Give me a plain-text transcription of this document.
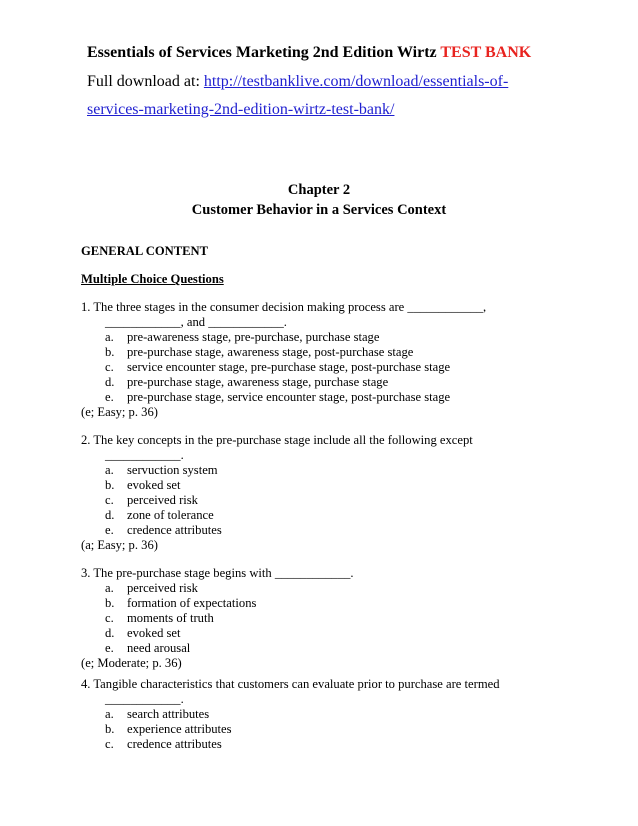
Essentials of Services Marketing 2nd Edition Wirtz TEST BANK
Full download at: http://testbanklive.com/download/essentials-of-
services-marketing-2nd-edition-wirtz-test-bank/
Chapter 2
Customer Behavior in a Services Context
GENERAL CONTENT
Multiple Choice Questions
1. The three stages in the consumer decision making process are ____________,
____________, and ____________.
a. pre-awareness stage, pre-purchase, purchase stage
b. pre-purchase stage, awareness stage, post-purchase stage
c. service encounter stage, pre-purchase stage, post-purchase stage
d. pre-purchase stage, awareness stage, purchase stage
e. pre-purchase stage, service encounter stage, post-purchase stage
(e; Easy; p. 36)
2. The key concepts in the pre-purchase stage include all the following except
____________.
a. servuction system
b. evoked set
c. perceived risk
d. zone of tolerance
e. credence attributes
(a; Easy; p. 36)
3. The pre-purchase stage begins with ____________.
a. perceived risk
b. formation of expectations
c. moments of truth
d. evoked set
e. need arousal
(e; Moderate; p. 36)
4. Tangible characteristics that customers can evaluate prior to purchase are termed
____________.
a. search attributes
b. experience attributes
c. credence attributes
